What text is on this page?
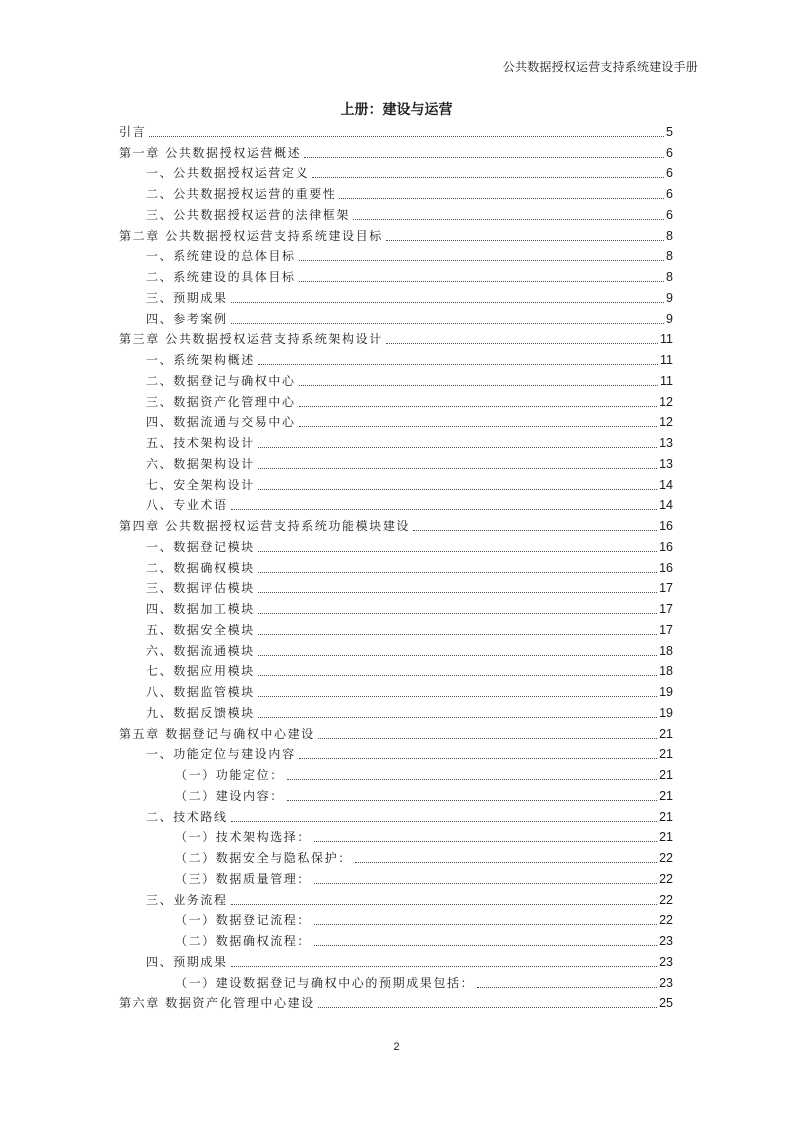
公共数据授权运营支持系统建设手册
上册：建设与运营
引言	5
第一章 公共数据授权运营概述	6
一、公共数据授权运营定义	6
二、公共数据授权运营的重要性	6
三、公共数据授权运营的法律框架	6
第二章 公共数据授权运营支持系统建设目标	8
一、系统建设的总体目标	8
二、系统建设的具体目标	8
三、预期成果	9
四、参考案例	9
第三章 公共数据授权运营支持系统架构设计	11
一、系统架构概述	11
二、数据登记与确权中心	11
三、数据资产化管理中心	12
四、数据流通与交易中心	12
五、技术架构设计	13
六、数据架构设计	13
七、安全架构设计	14
八、专业术语	14
第四章 公共数据授权运营支持系统功能模块建设	16
一、数据登记模块	16
二、数据确权模块	16
三、数据评估模块	17
四、数据加工模块	17
五、数据安全模块	17
六、数据流通模块	18
七、数据应用模块	18
八、数据监管模块	19
九、数据反馈模块	19
第五章 数据登记与确权中心建设	21
一、功能定位与建设内容	21
（一）功能定位：	21
（二）建设内容：	21
二、技术路线	21
（一）技术架构选择：	21
（二）数据安全与隐私保护：	22
（三）数据质量管理：	22
三、业务流程	22
（一）数据登记流程：	22
（二）数据确权流程：	23
四、预期成果	23
（一）建设数据登记与确权中心的预期成果包括：	23
第六章 数据资产化管理中心建设	25
2
